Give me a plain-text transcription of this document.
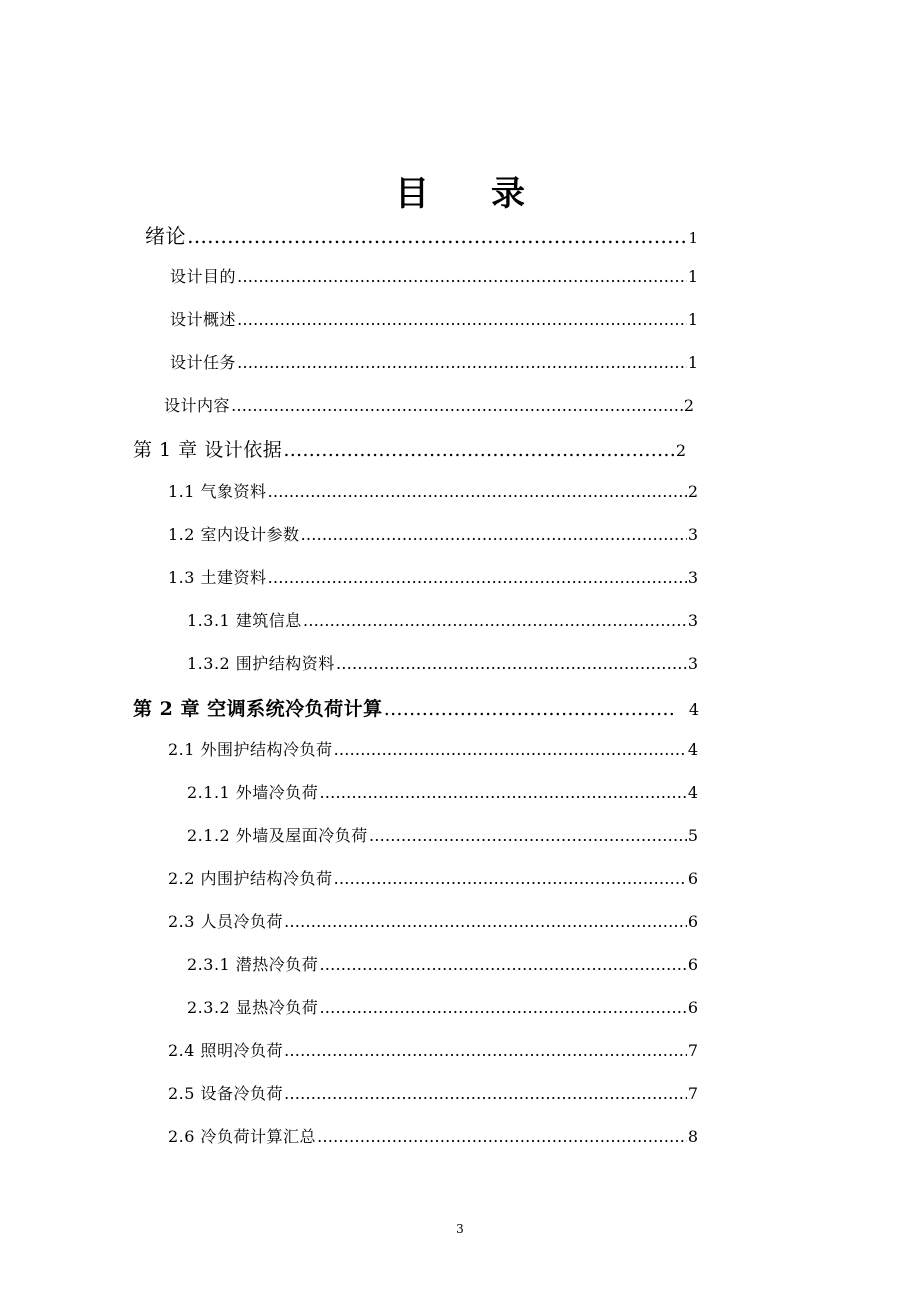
目 录
绪论 ……………………………………………………………………………………………………………………………………………………………………………………………………	1
设计目的 ……………………………………………………………………………………………………………………………………………………………………………………………………	1
设计概述 ……………………………………………………………………………………………………………………………………………………………………………………………………	1
设计任务 ……………………………………………………………………………………………………………………………………………………………………………………………………	1
设计内容 ……………………………………………………………………………………………………………………………………………………………………………………………………	2
第 1 章 设计依据 ……………………………………………………………………………………………………………………………………………………………………………………………………	2
1.1 气象资料 ……………………………………………………………………………………………………………………………………………………………………………………………………	2
1.2 室内设计参数 ……………………………………………………………………………………………………………………………………………………………………………………………………	3
1.3 土建资料 ……………………………………………………………………………………………………………………………………………………………………………………………………	3
1.3.1 建筑信息 ……………………………………………………………………………………………………………………………………………………………………………………………………	3
1.3.2 围护结构资料 ……………………………………………………………………………………………………………………………………………………………………………………………………	3
第 2 章 空调系统冷负荷计算 ……………………………………………………………………………………………………………………………………………………………………………………………………	4
2.1 外围护结构冷负荷 ……………………………………………………………………………………………………………………………………………………………………………………………………	4
2.1.1 外墙冷负荷 ……………………………………………………………………………………………………………………………………………………………………………………………………	4
2.1.2 外墙及屋面冷负荷 ……………………………………………………………………………………………………………………………………………………………………………………………………	5
2.2 内围护结构冷负荷 ……………………………………………………………………………………………………………………………………………………………………………………………………	6
2.3 人员冷负荷 ……………………………………………………………………………………………………………………………………………………………………………………………………	6
2.3.1 潜热冷负荷 ……………………………………………………………………………………………………………………………………………………………………………………………………	6
2.3.2 显热冷负荷 ……………………………………………………………………………………………………………………………………………………………………………………………………	6
2.4 照明冷负荷 ……………………………………………………………………………………………………………………………………………………………………………………………………	7
2.5 设备冷负荷 ……………………………………………………………………………………………………………………………………………………………………………………………………	7
2.6 冷负荷计算汇总 ……………………………………………………………………………………………………………………………………………………………………………………………………	8
3
